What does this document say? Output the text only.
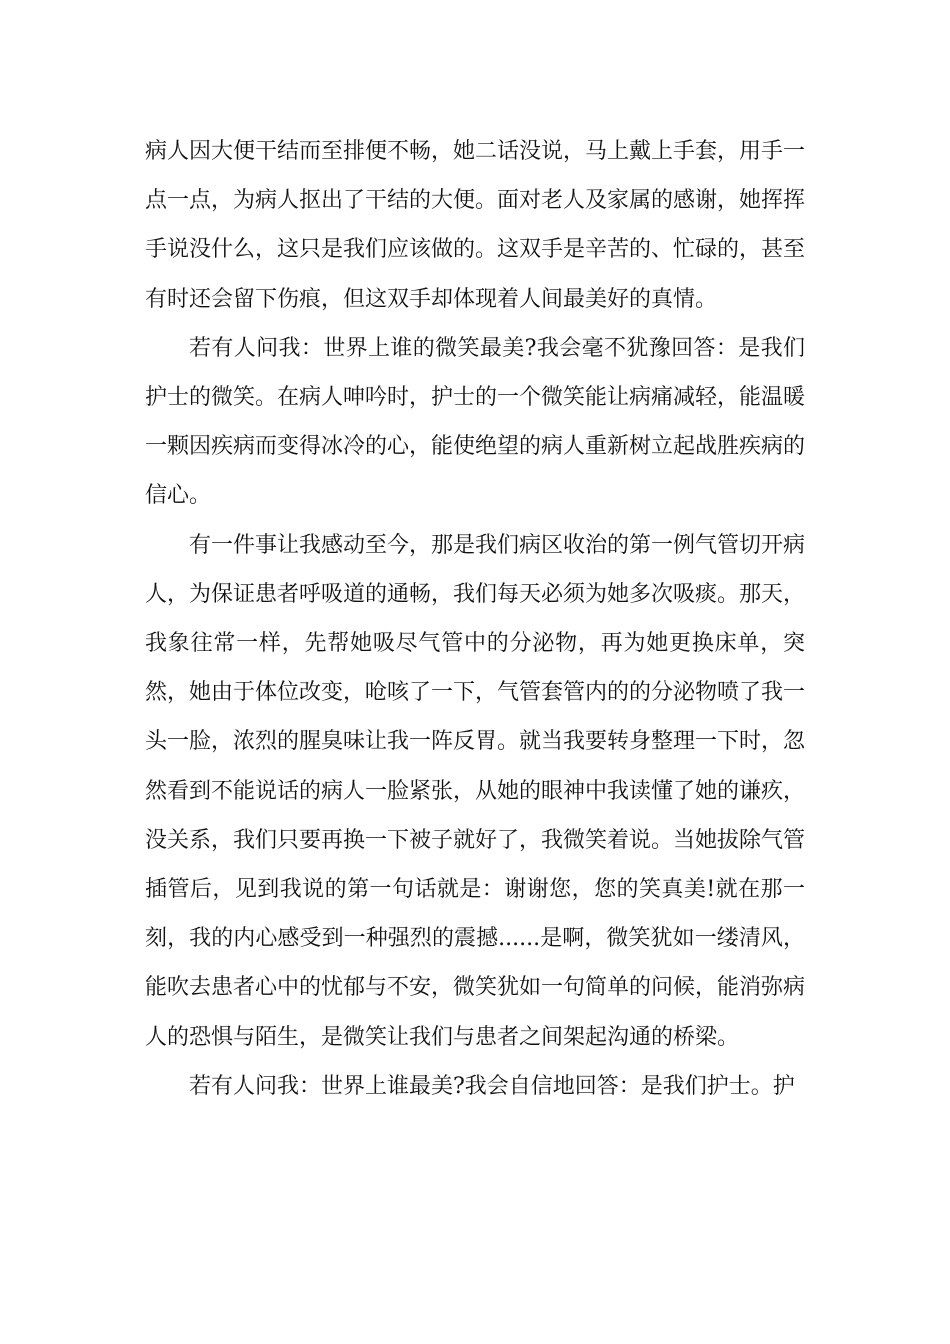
病人因大便干结而至排便不畅，她二话没说，马上戴上手套，用手一点一点，为病人抠出了干结的大便。面对老人及家属的感谢，她挥挥手说没什么，这只是我们应该做的。这双手是辛苦的、忙碌的，甚至有时还会留下伤痕，但这双手却体现着人间最美好的真情。

若有人问我：世界上谁的微笑最美?我会毫不犹豫回答：是我们护士的微笑。在病人呻吟时，护士的一个微笑能让病痛减轻，能温暖一颗因疾病而变得冰冷的心，能使绝望的病人重新树立起战胜疾病的信心。

有一件事让我感动至今，那是我们病区收治的第一例气管切开病人，为保证患者呼吸道的通畅，我们每天必须为她多次吸痰。那天，我象往常一样，先帮她吸尽气管中的分泌物，再为她更换床单，突然，她由于体位改变，呛咳了一下，气管套管内的的分泌物喷了我一头一脸，浓烈的腥臭味让我一阵反胃。就当我要转身整理一下时，忽然看到不能说话的病人一脸紧张，从她的眼神中我读懂了她的谦疚，没关系，我们只要再换一下被子就好了，我微笑着说。当她拔除气管插管后，见到我说的第一句话就是：谢谢您，您的笑真美!就在那一刻，我的内心感受到一种强烈的震撼......是啊，微笑犹如一缕清风，能吹去患者心中的忧郁与不安，微笑犹如一句简单的问候，能消弥病人的恐惧与陌生，是微笑让我们与患者之间架起沟通的桥梁。

若有人问我：世界上谁最美?我会自信地回答：是我们护士。护
